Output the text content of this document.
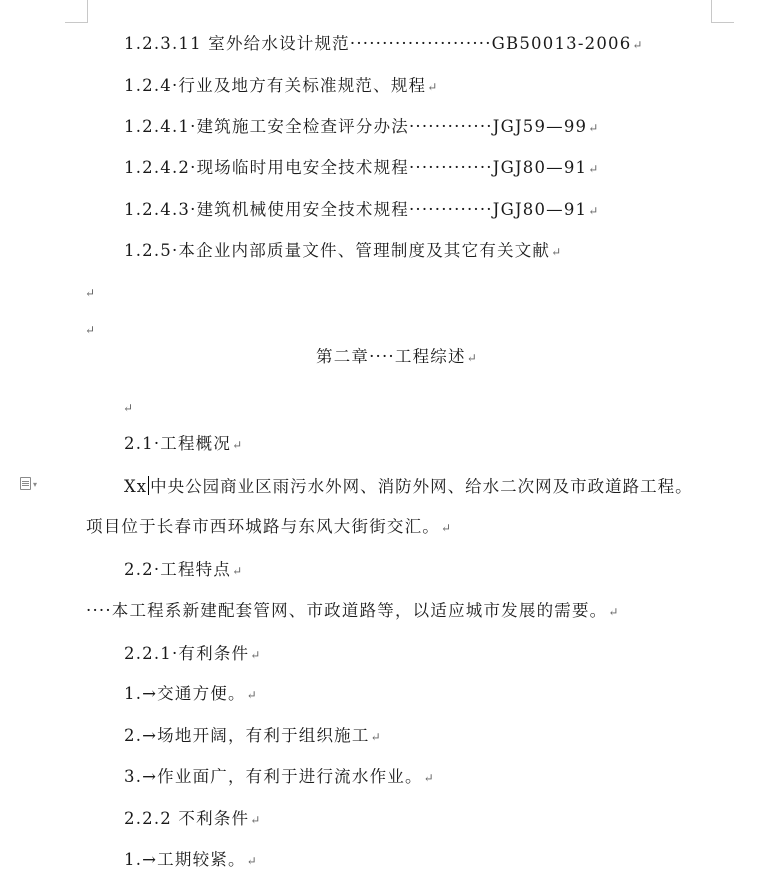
▾
1.2.3.11 室外给水设计规范······················GB50013-2006↵
1.2.4·行业及地方有关标准规范、规程↵
1.2.4.1·建筑施工安全检查评分办法·············JGJ59—99↵
1.2.4.2·现场临时用电安全技术规程·············JGJ80—91↵
1.2.4.3·建筑机械使用安全技术规程·············JGJ80—91↵
1.2.5·本企业内部质量文件、管理制度及其它有关文献↵
↵
↵
第二章····工程综述↵
↵
2.1·工程概况↵
Xx 中央公园商业区雨污水外网、消防外网、给水二次网及市政道路工程。
项目位于长春市西环城路与东风大街街交汇。↵
2.2·工程特点↵
····本工程系新建配套管网、市政道路等，以适应城市发展的需要。↵
2.2.1·有利条件↵
1.→交通方便。↵
2.→场地开阔，有利于组织施工↵
3.→作业面广，有利于进行流水作业。↵
2.2.2 不利条件↵
1.→工期较紧。↵
